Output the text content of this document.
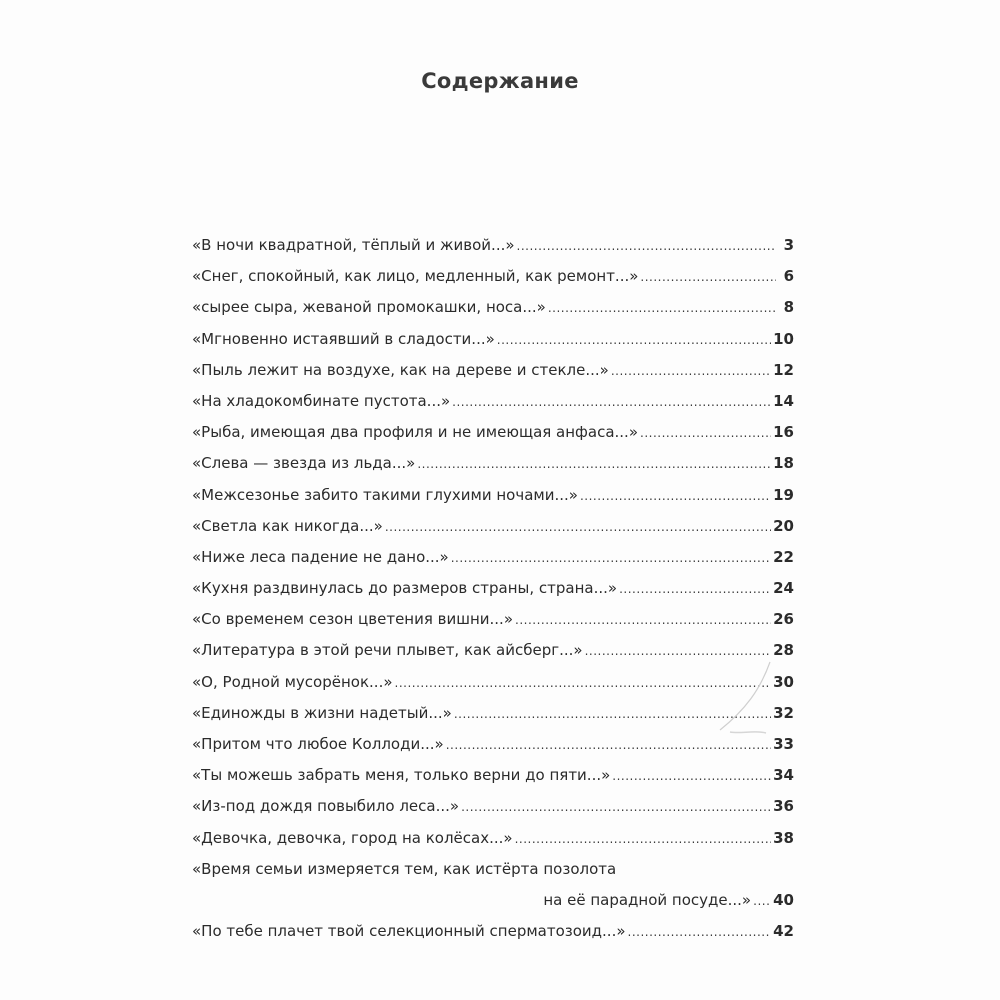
Содержание
«В ночи квадратной, тёплый и живой...» .....	3
«Снег, спокойный, как лицо, медленный, как ремонт...» .....	6
«сырее сыра, жеваной промокашки, носа...» .....	8
«Мгновенно истаявший в сладости...» .....	10
«Пыль лежит на воздухе, как на дереве и стекле...» .....	12
«На хладокомбинате пустота...» .....	14
«Рыба, имеющая два профиля и не имеющая анфаса...» .....	16
«Слева — звезда из льда...» .....	18
«Межсезонье забито такими глухими ночами...» .....	19
«Светла как никогда...» .....	20
«Ниже леса падение не дано...» .....	22
«Кухня раздвинулась до размеров страны, страна...» .....	24
«Со временем сезон цветения вишни...» .....	26
«Литература в этой речи плывет, как айсберг...» .....	28
«О, Родной мусорёнок...» .....	30
«Единожды в жизни надетый...» .....	32
«Притом что любое Коллоди...» .....	33
«Ты можешь забрать меня, только верни до пяти...» .....	34
«Из-под дождя повыбило леса...» .....	36
«Девочка, девочка, город на колёсах...» .....	38
«Время семьи измеряется тем, как истёрта позолота
на её парадной посуде...» ..... 40
«По тебе плачет твой селекционный сперматозоид...» .....	42
